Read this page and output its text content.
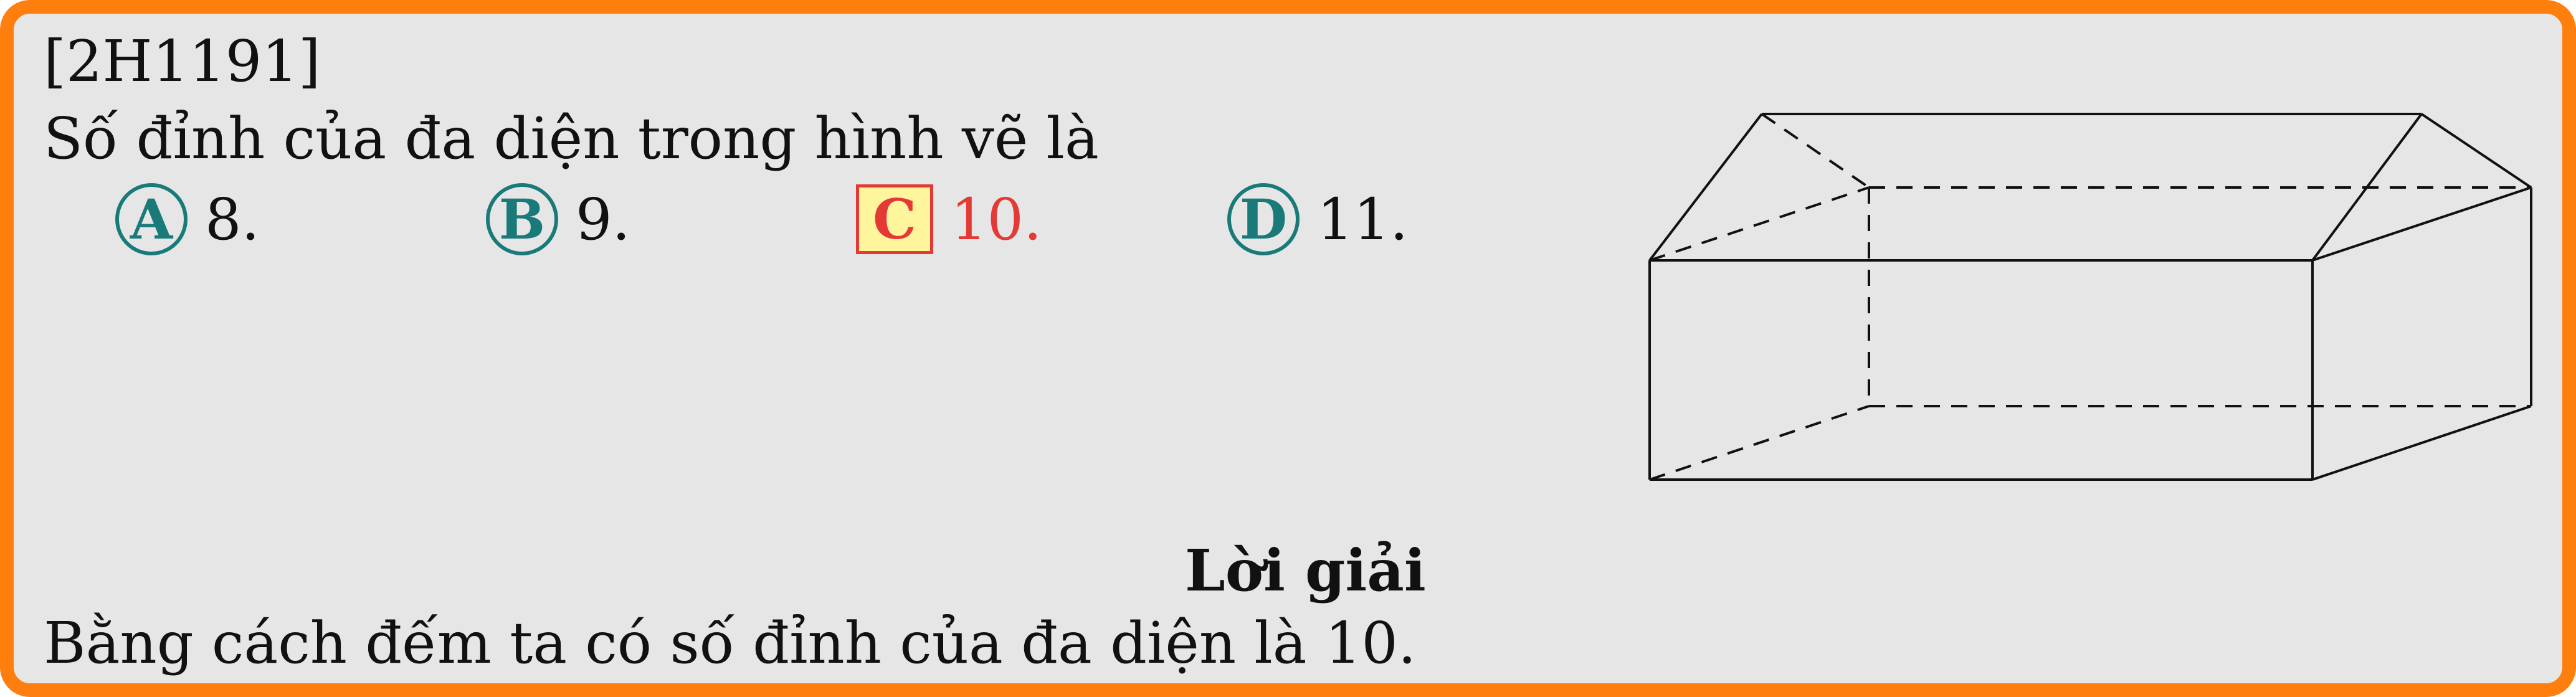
[2H1191]
Số đỉnh của đa diện trong hình vẽ là
A 8.	B 9.	C 10.	D 11.
Lời giải
Bằng cách đếm ta có số đỉnh của đa diện là 10.
